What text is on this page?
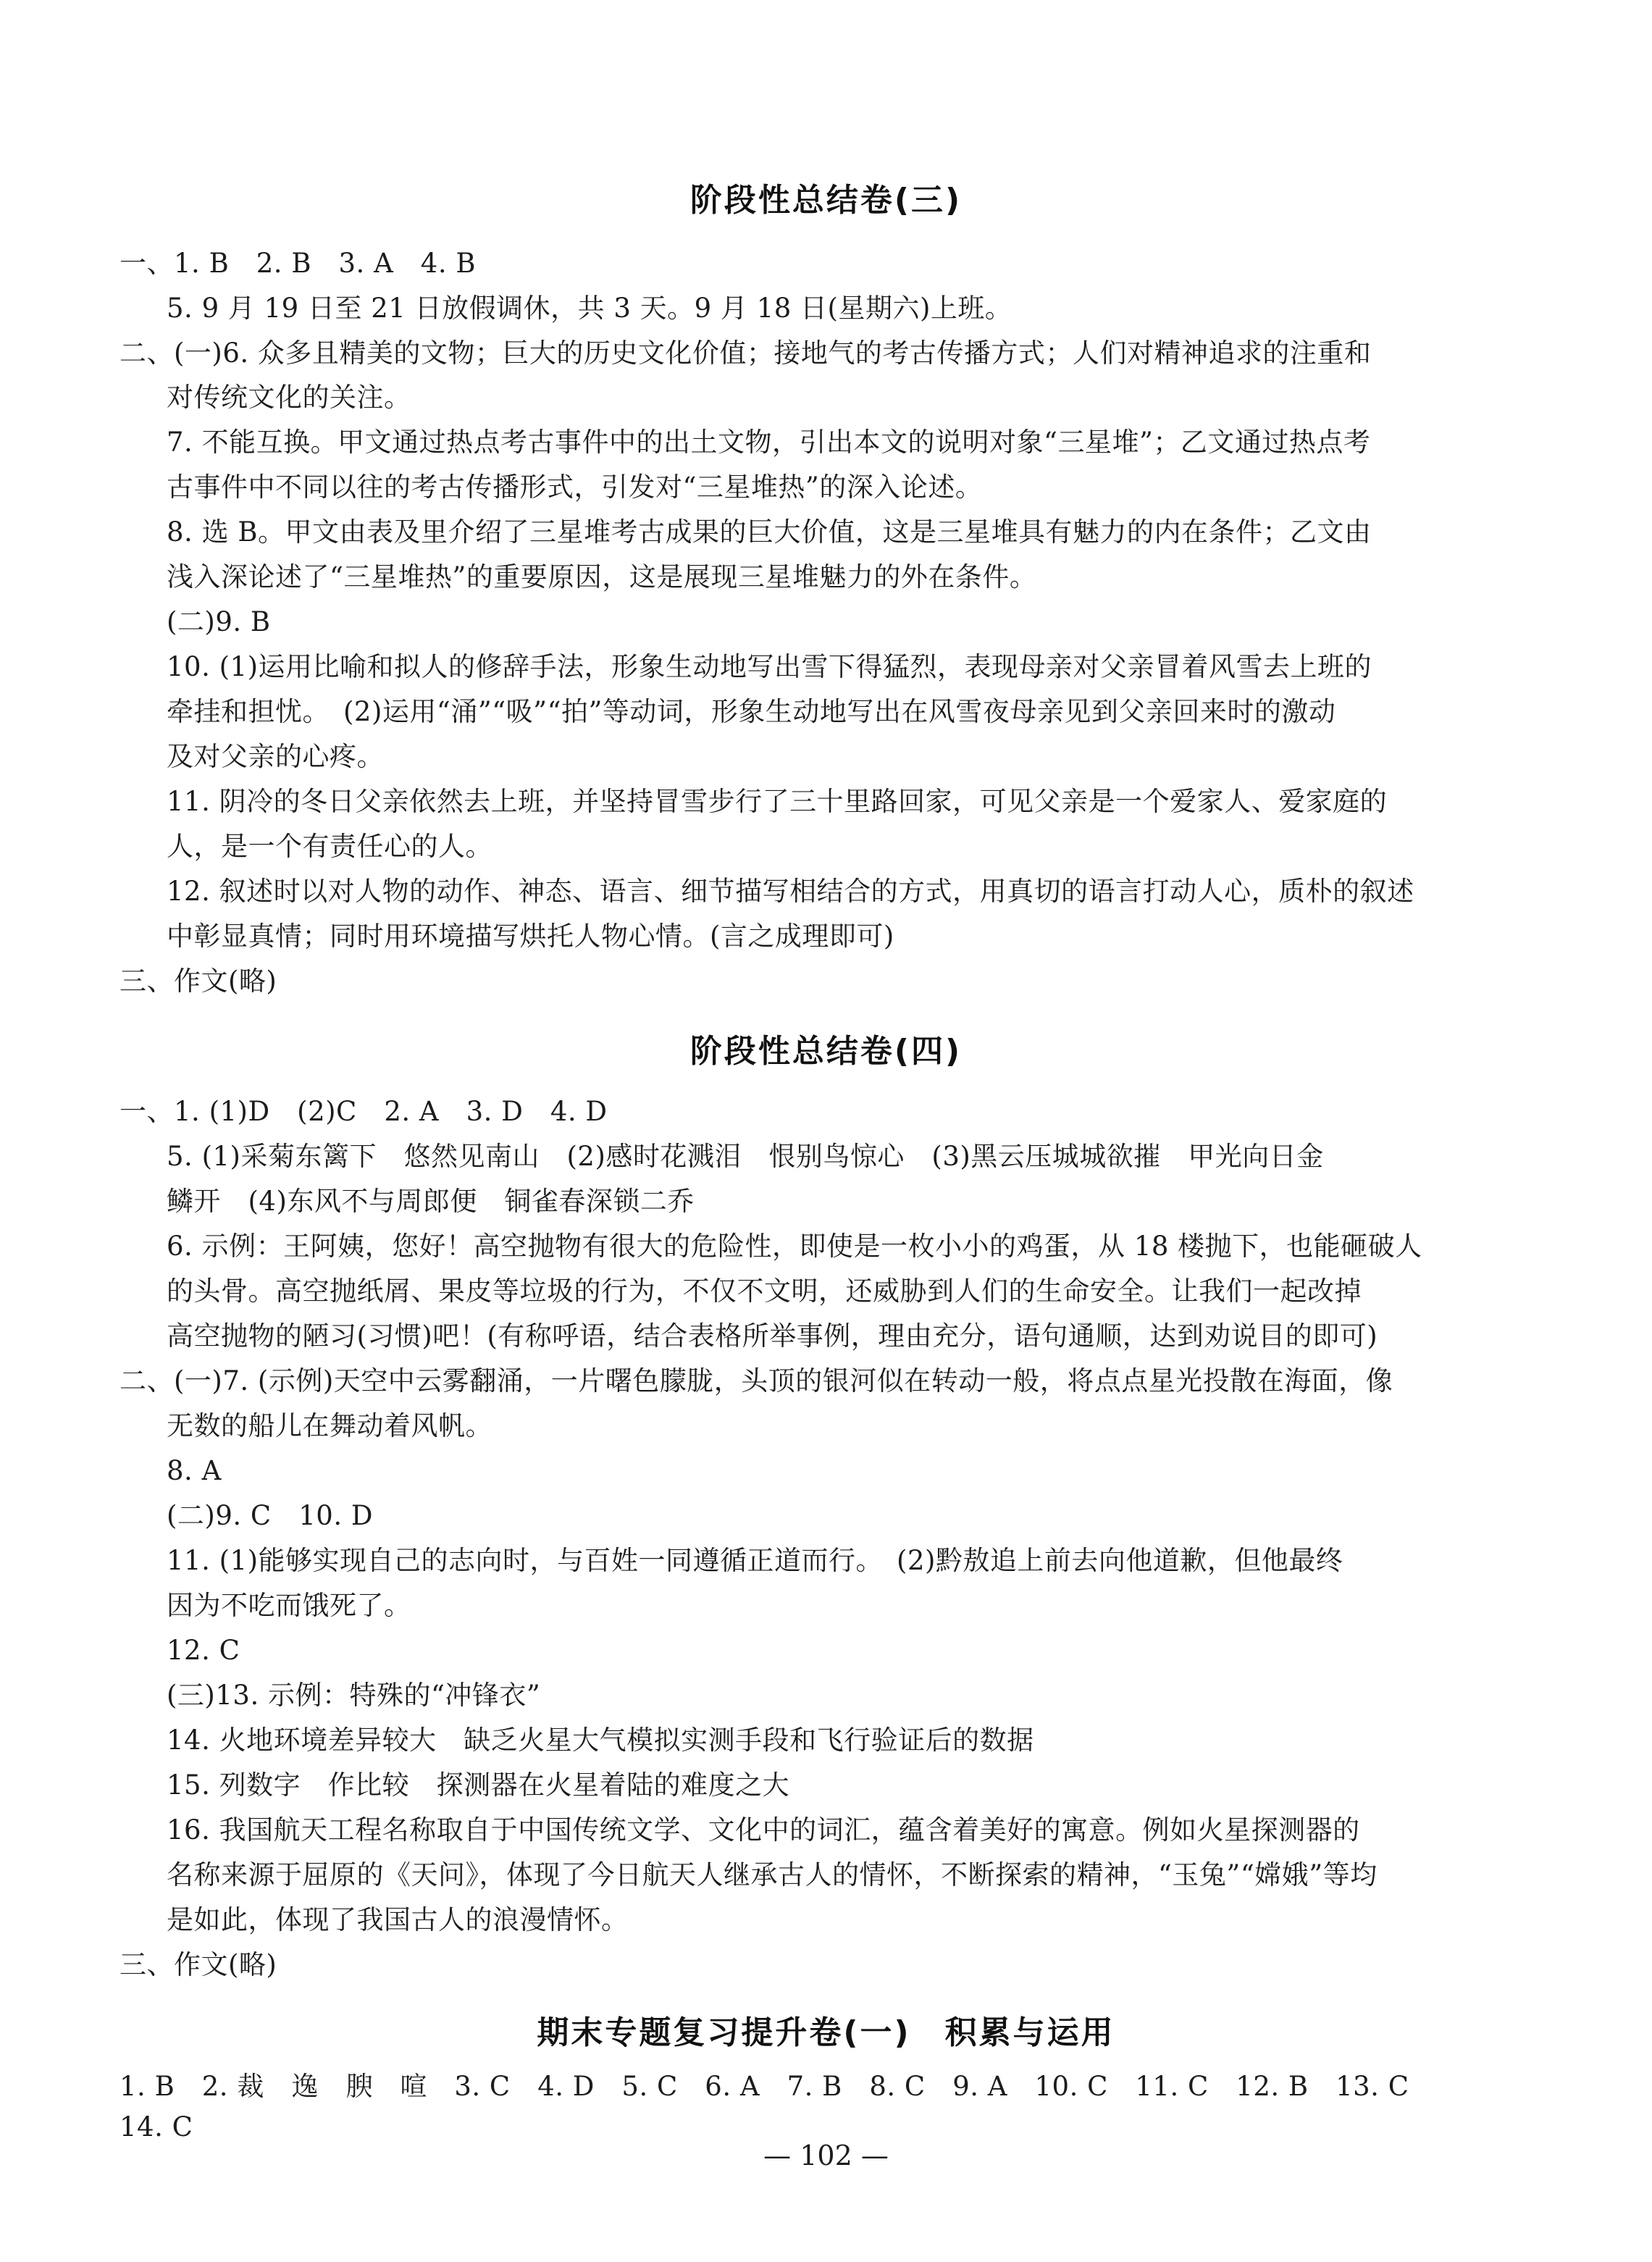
阶段性总结卷(三)
一、1. B　2. B　3. A　4. B
5. 9 月 19 日至 21 日放假调休，共 3 天。9 月 18 日(星期六)上班。
二、(一)6. 众多且精美的文物；巨大的历史文化价值；接地气的考古传播方式；人们对精神追求的注重和
对传统文化的关注。
7. 不能互换。甲文通过热点考古事件中的出土文物，引出本文的说明对象“三星堆”；乙文通过热点考
古事件中不同以往的考古传播形式，引发对“三星堆热”的深入论述。
8. 选 B。甲文由表及里介绍了三星堆考古成果的巨大价值，这是三星堆具有魅力的内在条件；乙文由
浅入深论述了“三星堆热”的重要原因，这是展现三星堆魅力的外在条件。
(二)9. B
10. (1)运用比喻和拟人的修辞手法，形象生动地写出雪下得猛烈，表现母亲对父亲冒着风雪去上班的
牵挂和担忧。　(2)运用“涌”“吸”“拍”等动词，形象生动地写出在风雪夜母亲见到父亲回来时的激动
及对父亲的心疼。
11. 阴冷的冬日父亲依然去上班，并坚持冒雪步行了三十里路回家，可见父亲是一个爱家人、爱家庭的
人，是一个有责任心的人。
12. 叙述时以对人物的动作、神态、语言、细节描写相结合的方式，用真切的语言打动人心，质朴的叙述
中彰显真情；同时用环境描写烘托人物心情。(言之成理即可)
三、作文(略)
阶段性总结卷(四)
一、1. (1)D　(2)C　2. A　3. D　4. D
5. (1)采菊东篱下　悠然见南山　(2)感时花溅泪　恨别鸟惊心　(3)黑云压城城欲摧　甲光向日金
鳞开　(4)东风不与周郎便　铜雀春深锁二乔
6. 示例：王阿姨，您好！高空抛物有很大的危险性，即使是一枚小小的鸡蛋，从 18 楼抛下，也能砸破人
的头骨。高空抛纸屑、果皮等垃圾的行为，不仅不文明，还威胁到人们的生命安全。让我们一起改掉
高空抛物的陋习(习惯)吧！(有称呼语，结合表格所举事例，理由充分，语句通顺，达到劝说目的即可)
二、(一)7. (示例)天空中云雾翻涌，一片曙色朦胧，头顶的银河似在转动一般，将点点星光投散在海面，像
无数的船儿在舞动着风帆。
8. A
(二)9. C　10. D
11. (1)能够实现自己的志向时，与百姓一同遵循正道而行。　(2)黔敖追上前去向他道歉，但他最终
因为不吃而饿死了。
12. C
(三)13. 示例：特殊的“冲锋衣”
14. 火地环境差异较大　缺乏火星大气模拟实测手段和飞行验证后的数据
15. 列数字　作比较　探测器在火星着陆的难度之大
16. 我国航天工程名称取自于中国传统文学、文化中的词汇，蕴含着美好的寓意。例如火星探测器的
名称来源于屈原的《天问》，体现了今日航天人继承古人的情怀，不断探索的精神，“玉兔”“嫦娥”等均
是如此，体现了我国古人的浪漫情怀。
三、作文(略)
期末专题复习提升卷(一)　积累与运用
1. B　2. 裁　逸　腴　喧　3. C　4. D　5. C　6. A　7. B　8. C　9. A　10. C　11. C　12. B　13. C
14. C
— 102 —
